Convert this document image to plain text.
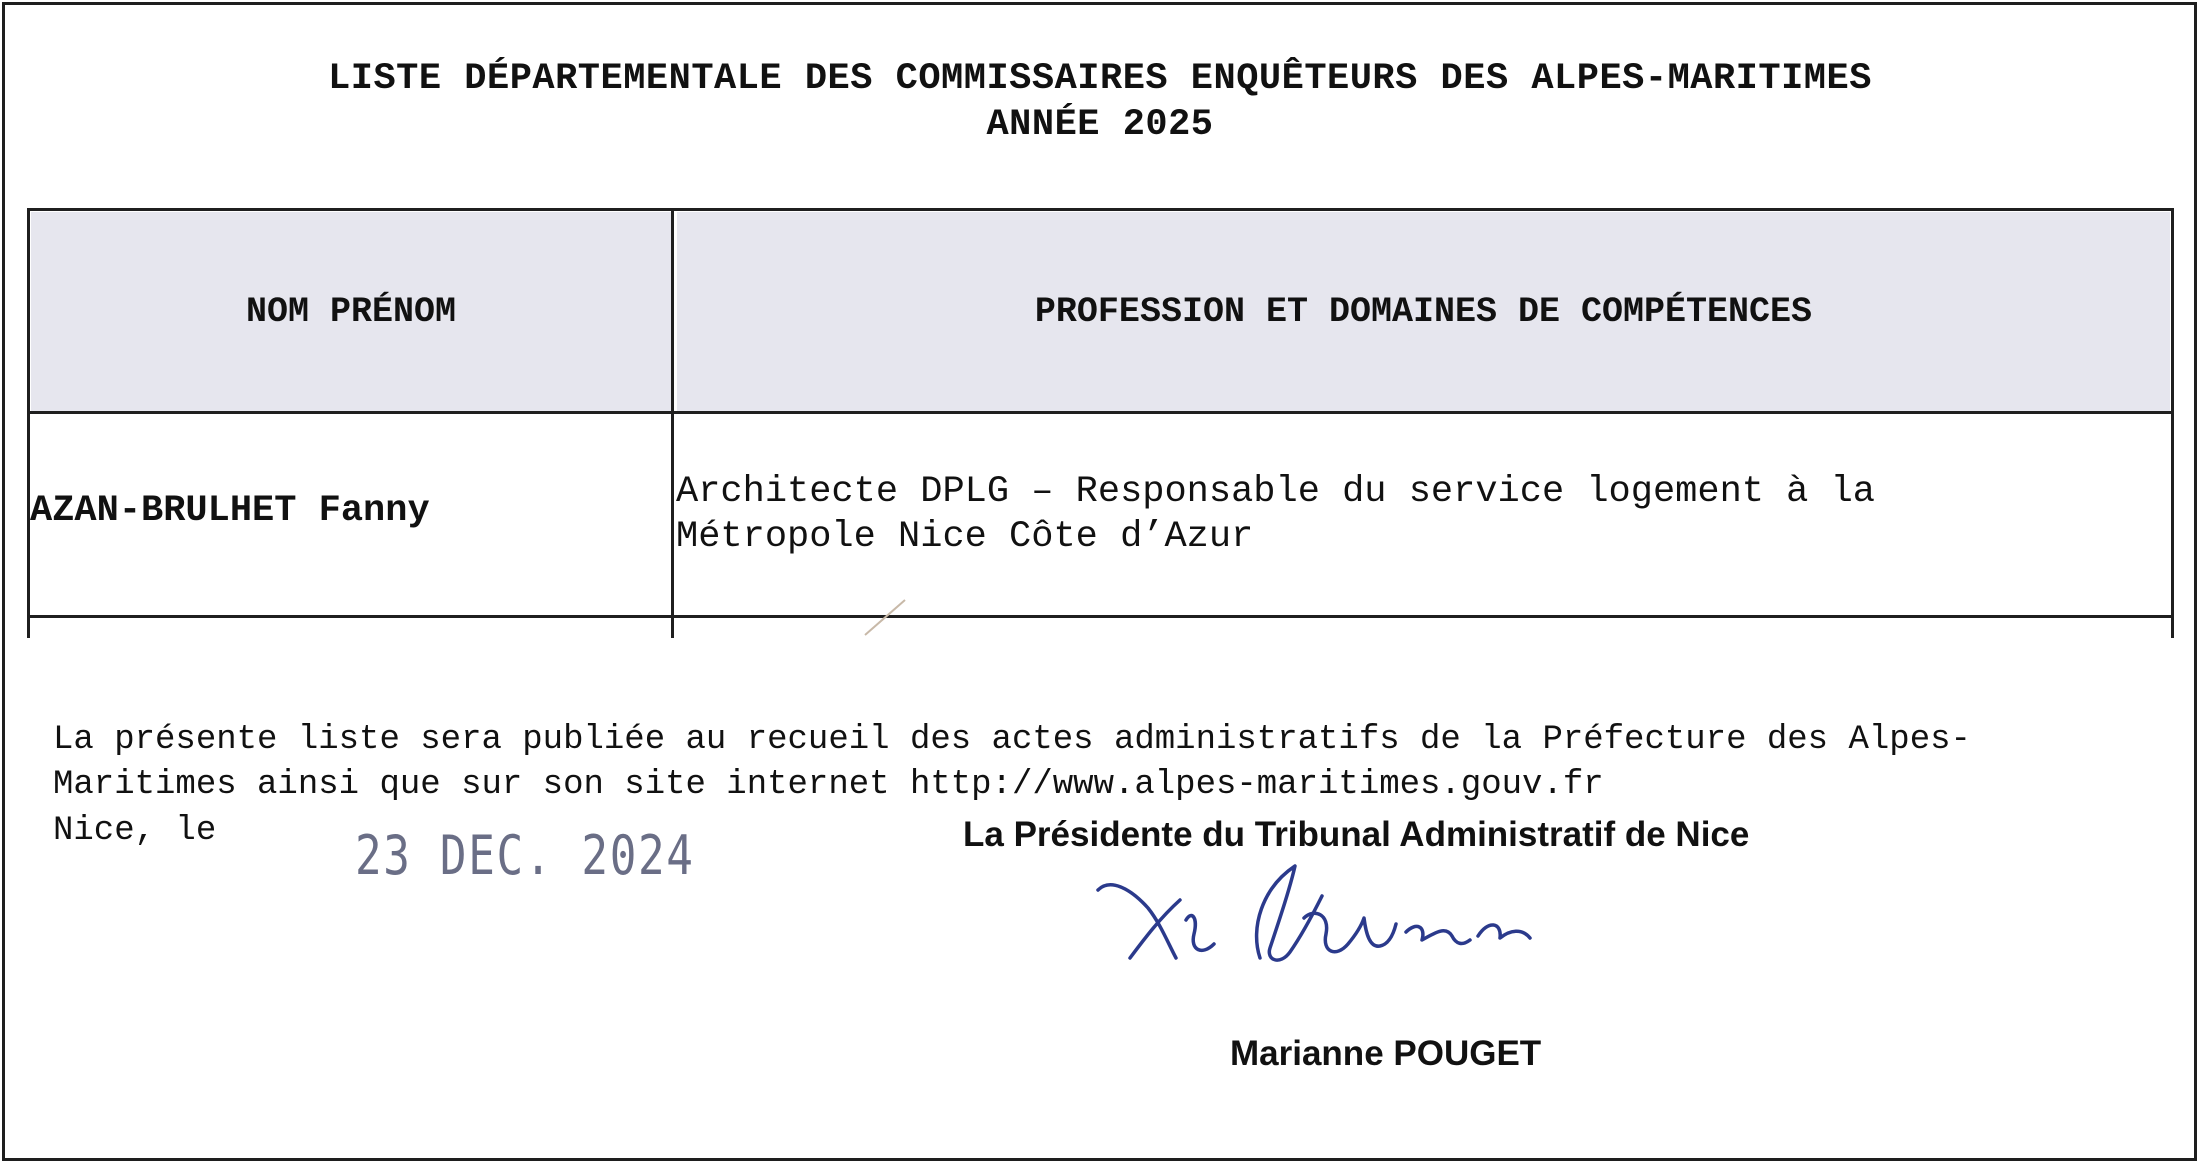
LISTE DÉPARTEMENTALE DES COMMISSAIRES ENQUÊTEURS DES ALPES-MARITIMES
ANNÉE 2025
NOM PRÉNOM	PROFESSION ET DOMAINES DE COMPÉTENCES
AZAN-BRULHET Fanny	Architecte DPLG – Responsable du service logement à la
Métropole Nice Côte d’Azur
La présente liste sera publiée au recueil des actes administratifs de la Préfecture des Alpes-
Maritimes ainsi que sur son site internet http://www.alpes-maritimes.gouv.fr
Nice, le	23 DEC. 2024	La Présidente du Tribunal Administratif de Nice
Marianne POUGET
